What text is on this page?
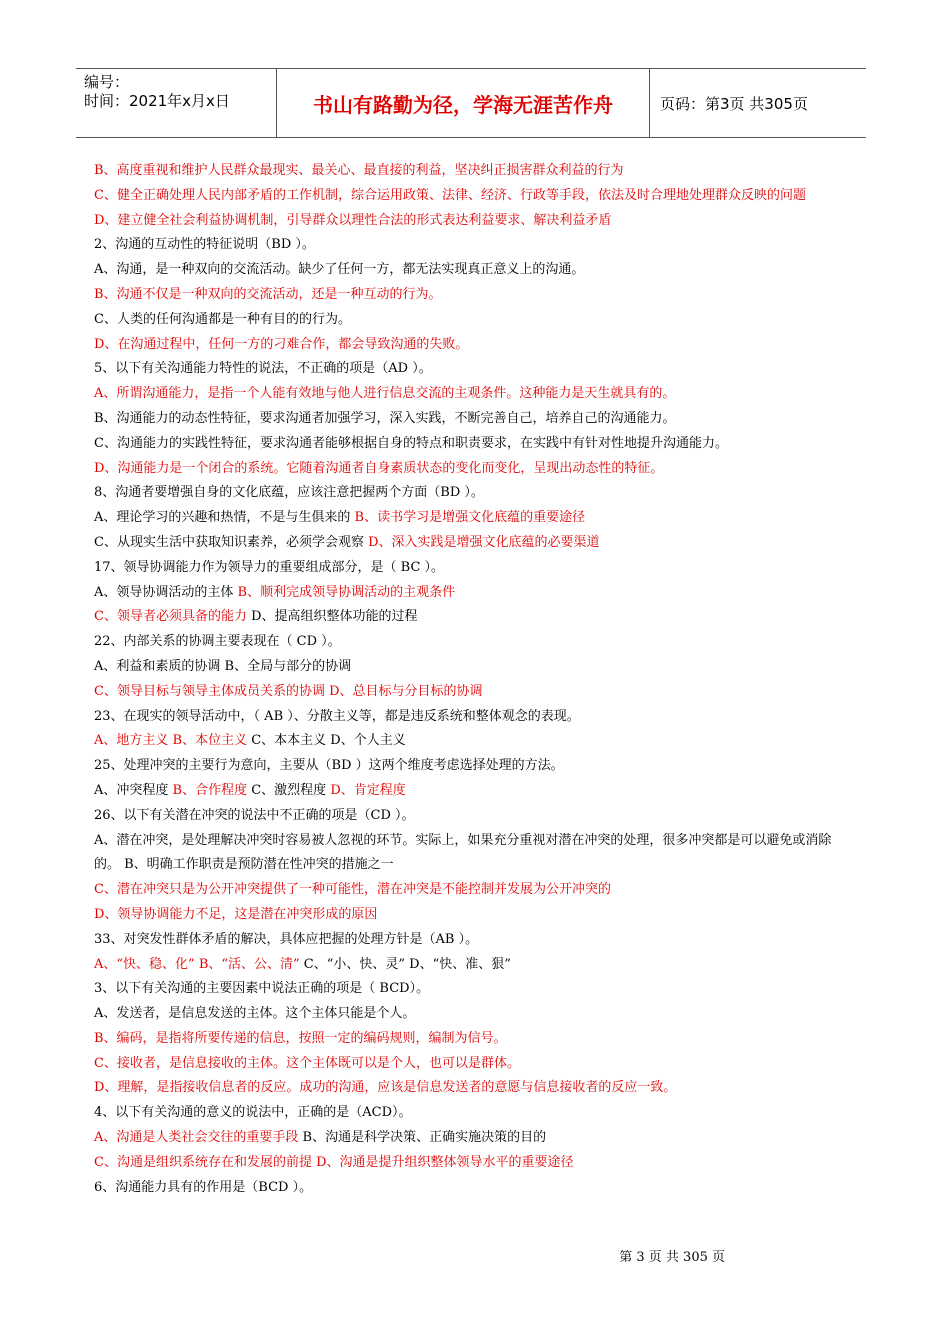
编号：
时间：2021年x月x日	书山有路勤为径，学海无涯苦作舟	页码：第3页 共305页
B、高度重视和维护人民群众最现实、最关心、最直接的利益，坚决纠正损害群众利益的行为
C、健全正确处理人民内部矛盾的工作机制，综合运用政策、法律、经济、行政等手段，依法及时合理地处理群众反映的问题
D、建立健全社会利益协调机制，引导群众以理性合法的形式表达利益要求、解决利益矛盾
2、沟通的互动性的特征说明（BD ）。
A、沟通，是一种双向的交流活动。缺少了任何一方，都无法实现真正意义上的沟通。
B、沟通不仅是一种双向的交流活动，还是一种互动的行为。
C、人类的任何沟通都是一种有目的的行为。
D、在沟通过程中，任何一方的刁难合作，都会导致沟通的失败。
5、以下有关沟通能力特性的说法，不正确的项是（AD ）。
A、所谓沟通能力，是指一个人能有效地与他人进行信息交流的主观条件。这种能力是天生就具有的。
B、沟通能力的动态性特征，要求沟通者加强学习，深入实践，不断完善自己，培养自己的沟通能力。
C、沟通能力的实践性特征，要求沟通者能够根据自身的特点和职责要求，在实践中有针对性地提升沟通能力。
D、沟通能力是一个闭合的系统。它随着沟通者自身素质状态的变化而变化，呈现出动态性的特征。
8、沟通者要增强自身的文化底蕴，应该注意把握两个方面（BD ）。
A、理论学习的兴趣和热情，不是与生俱来的 B、读书学习是增强文化底蕴的重要途径
C、从现实生活中获取知识素养，必须学会观察 D、深入实践是增强文化底蕴的必要渠道
17、领导协调能力作为领导力的重要组成部分，是（ BC ）。
A、领导协调活动的主体 B、顺利完成领导协调活动的主观条件
C、领导者必须具备的能力 D、提高组织整体功能的过程
22、内部关系的协调主要表现在（ CD ）。
A、利益和素质的协调 B、全局与部分的协调
C、领导目标与领导主体成员关系的协调 D、总目标与分目标的协调
23、在现实的领导活动中，（ AB ）、分散主义等，都是违反系统和整体观念的表现。
A、地方主义 B、本位主义 C、本本主义 D、个人主义
25、处理冲突的主要行为意向，主要从（BD ）这两个维度考虑选择处理的方法。
A、冲突程度 B、合作程度 C、激烈程度 D、肯定程度
26、以下有关潜在冲突的说法中不正确的项是（CD ）。
A、潜在冲突，是处理解决冲突时容易被人忽视的环节。实际上，如果充分重视对潜在冲突的处理，很多冲突都是可以避免或消除的。 B、明确工作职责是预防潜在性冲突的措施之一
C、潜在冲突只是为公开冲突提供了一种可能性，潜在冲突是不能控制并发展为公开冲突的
D、领导协调能力不足，这是潜在冲突形成的原因
33、对突发性群体矛盾的解决，具体应把握的处理方针是（AB ）。
A、“快、稳、化” B、“活、公、清” C、“小、快、灵” D、“快、准、狠”
3、以下有关沟通的主要因素中说法正确的项是（ BCD）。
A、发送者，是信息发送的主体。这个主体只能是个人。
B、编码，是指将所要传递的信息，按照一定的编码规则，编制为信号。
C、接收者，是信息接收的主体。这个主体既可以是个人，也可以是群体。
D、理解，是指接收信息者的反应。成功的沟通，应该是信息发送者的意愿与信息接收者的反应一致。
4、以下有关沟通的意义的说法中，正确的是（ACD）。
A、沟通是人类社会交往的重要手段 B、沟通是科学决策、正确实施决策的目的
C、沟通是组织系统存在和发展的前提 D、沟通是提升组织整体领导水平的重要途径
6、沟通能力具有的作用是（BCD ）。
第 3 页 共 305 页
